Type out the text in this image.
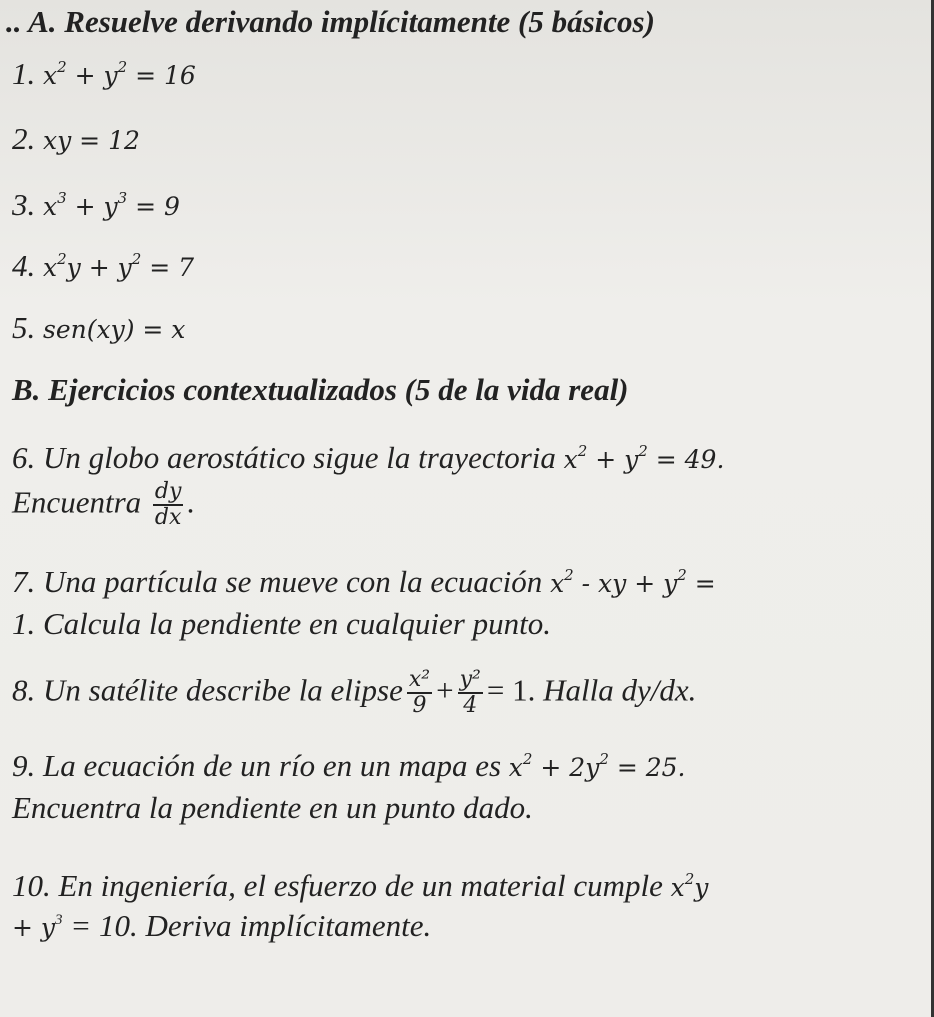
.. A. Resuelve derivando implícitamente (5 básicos)
1. $x^2 + y^2 = 16$
2. xy = 12
3. $x^3 + y^3 = 9$
4. $x^2y + y^2 = 7$
5. sen(xy) = x
B. Ejercicios contextualizados (5 de la vida real)
6. Un globo aerostático sigue la trayectoria $x^2 + y^2 = 49$.
Encuentra $\frac{dy}{dx}$ .
7. Una partícula se mueve con la ecuación $x^2$ - xy + $y^2$ =
1. Calcula la pendiente en cualquier punto.
8. Un satélite describe la elipse $\frac{\text{x²}}{9} + \frac{\text{y²}}{4} = 1$. Halla dy/dx.
9. La ecuación de un río en un mapa es $x^2 + 2y^2 = 25$.
Encuentra la pendiente en un punto dado.
10. En ingeniería, el esfuerzo de un material cumple $x^2y$
+ $y^3 = 10$. Deriva implícitamente.
